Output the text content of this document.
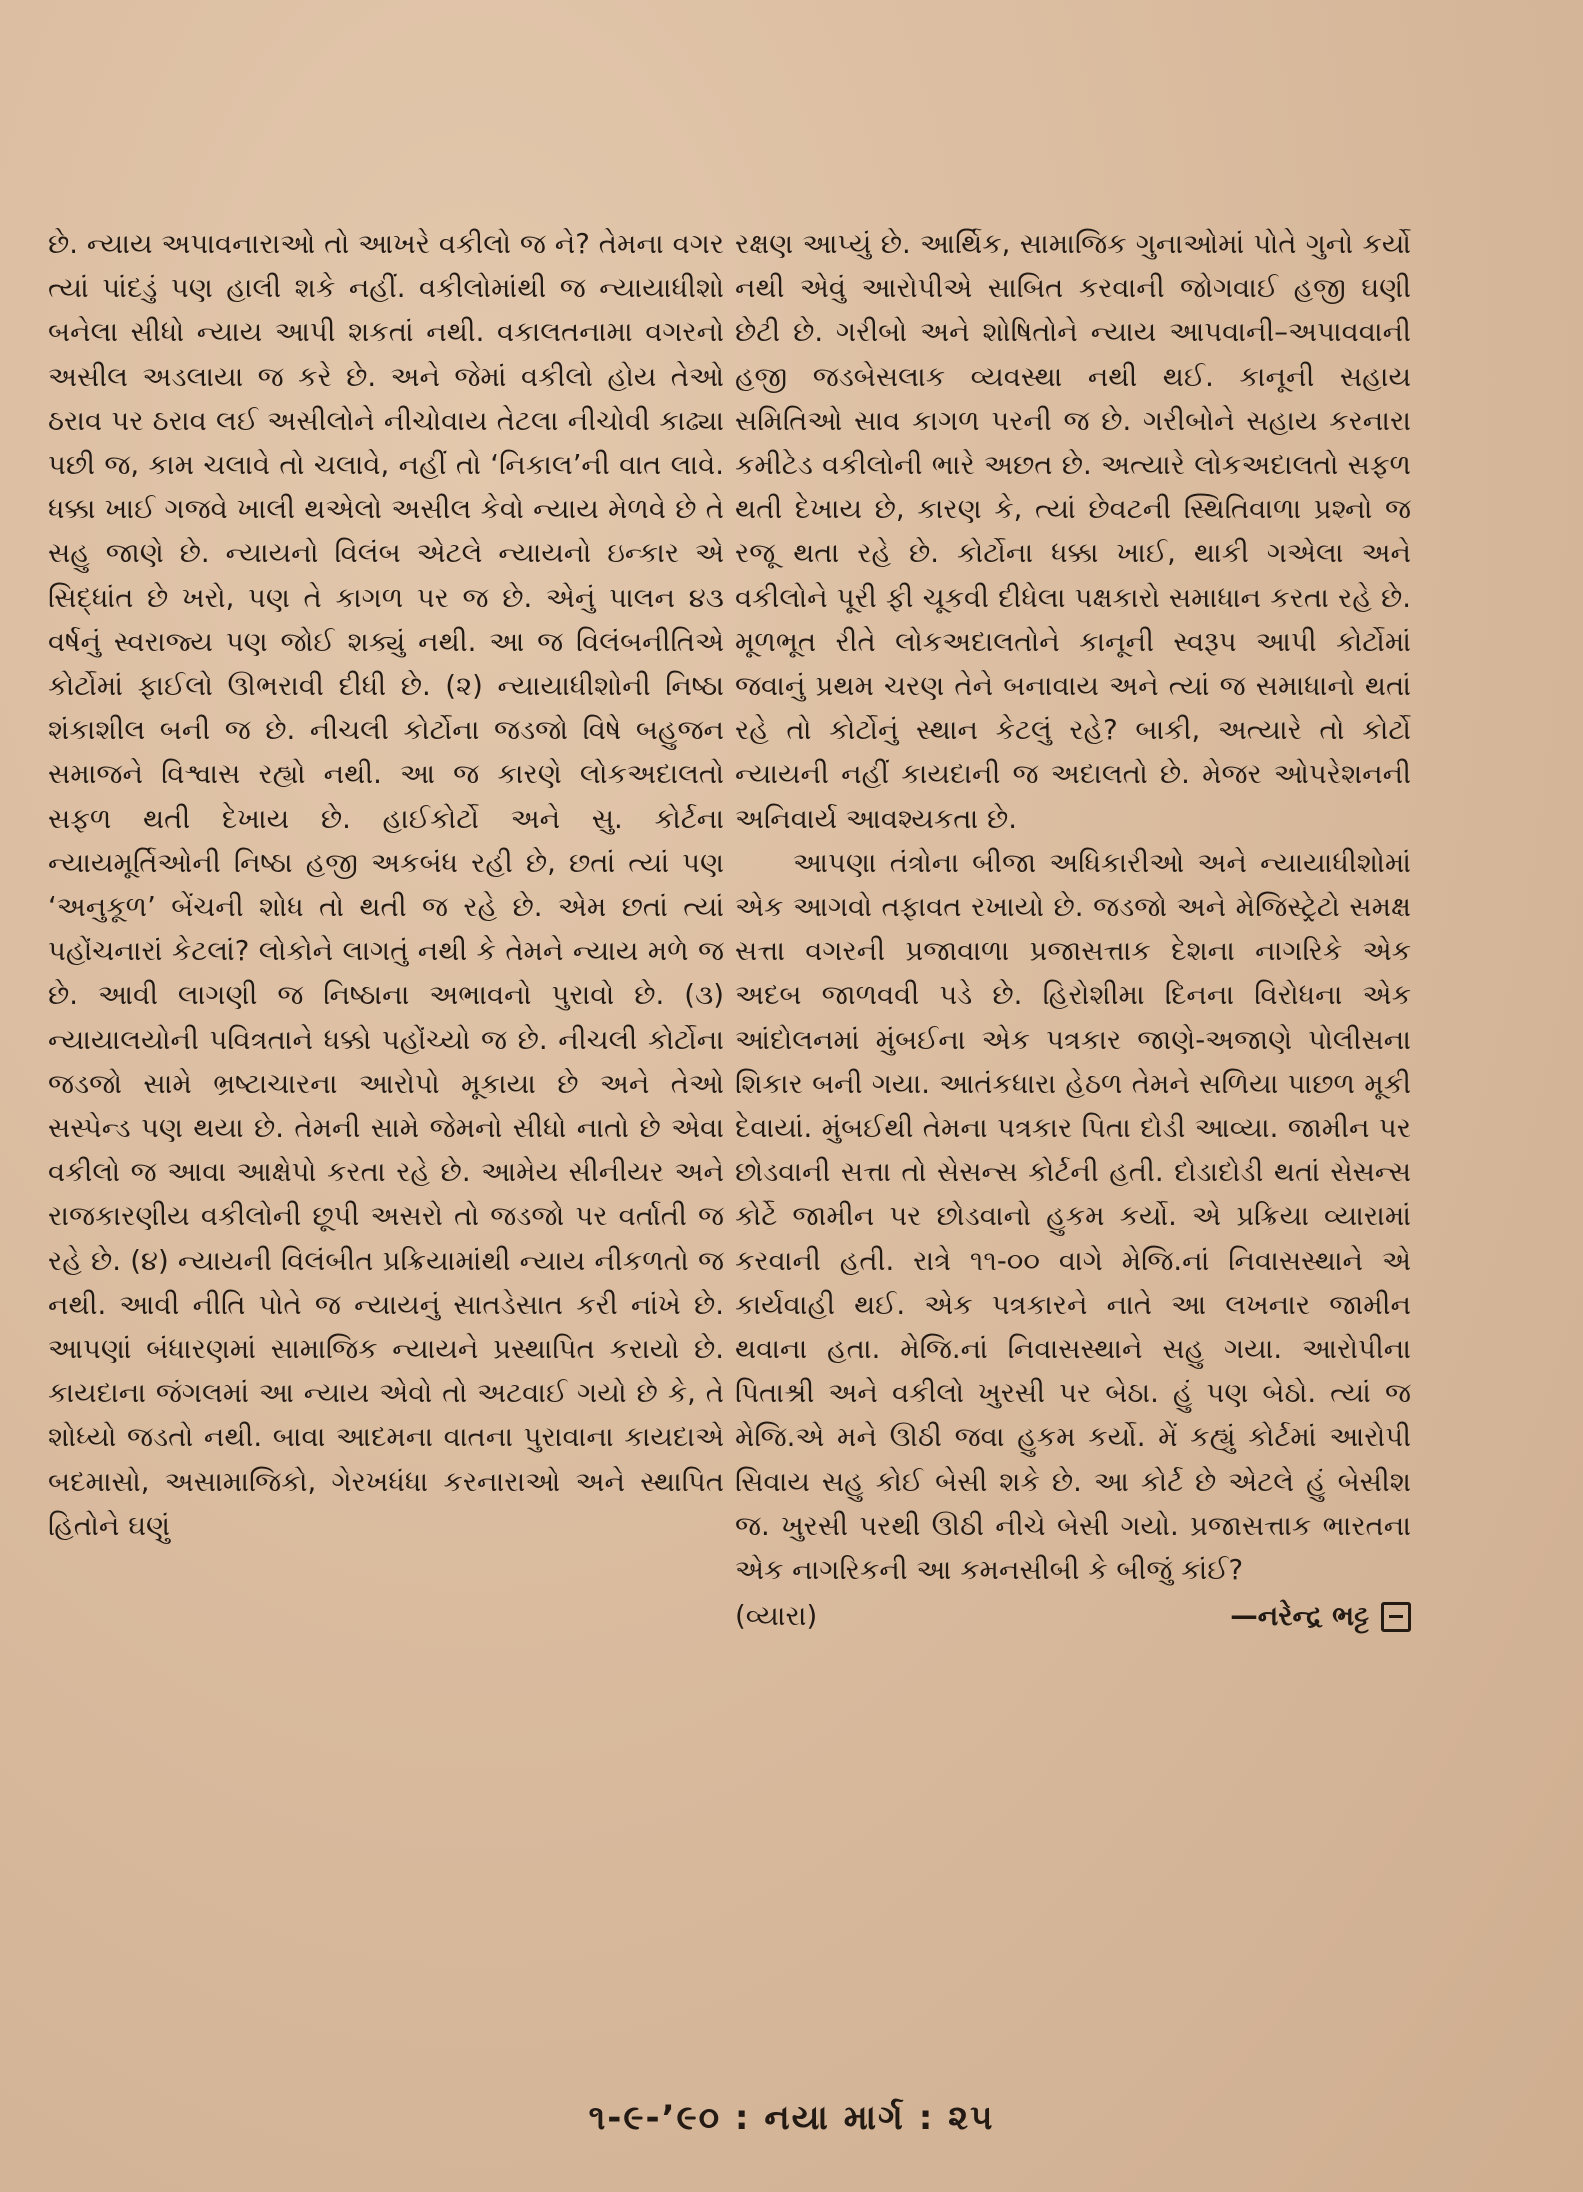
છે. ન્યાય અપાવનારાઓ તો આખરે વકીલો જ ને? તેમના વગર ત્યાં પાંદડું પણ હાલી શકે નહીં. વકીલોમાંથી જ ન્યાયાધીશો બનેલા સીધો ન્યાય આપી શકતાં નથી. વકાલતનામા વગરનો અસીલ અડલાયા જ કરે છે. અને જેમાં વકીલો હોય તેઓ ઠરાવ પર ઠરાવ લઈ અસીલોને નીચોવાય તેટલા નીચોવી કાઢ્યા પછી જ, કામ ચલાવે તો ચલાવે, નહીં તો ‘નિકાલ’ની વાત લાવે. ધક્કા ખાઈ ગજવે ખાલી થએલો અસીલ કેવો ન્યાય મેળવે છે તે સહુ જાણે છે. ન્યાયનો વિલંબ એટલે ન્યાયનો ઇન્કાર એ સિદ્ધાંત છે ખરો, પણ તે કાગળ પર જ છે. એનું પાલન ૪૩ વર્ષનું સ્વરાજ્ય પણ જોઈ શક્યું નથી. આ જ વિલંબનીતિએ કોર્ટોમાં ફાઈલો ઊભરાવી દીધી છે. (૨) ન્યાયાધીશોની નિષ્ઠા શંકાશીલ બની જ છે. નીચલી કોર્ટોના જડજો વિષે બહુજન સમાજને વિશ્વાસ રહ્યો નથી. આ જ કારણે લોકઅદાલતો સફળ થતી દેખાય છે. હાઈકોર્ટો અને સુ. કોર્ટના ન્યાયમૂર્તિઓની નિષ્ઠા હજી અકબંધ રહી છે, છતાં ત્યાં પણ ‘અનુકૂળ’ બેંચની શોધ તો થતી જ રહે છે. એમ છતાં ત્યાં પહોંચનારાં કેટલાં? લોકોને લાગતું નથી કે તેમને ન્યાય મળે જ છે. આવી લાગણી જ નિષ્ઠાના અભાવનો પુરાવો છે. (૩) ન્યાયાલયોની પવિત્રતાને ધક્કો પહોંચ્યો જ છે. નીચલી કોર્ટોના જડજો સામે ભ્રષ્ટાચારના આરોપો મૂકાયા છે અને તેઓ સસ્પેન્ડ પણ થયા છે. તેમની સામે જેમનો સીધો નાતો છે એવા વકીલો જ આવા આક્ષેપો કરતા રહે છે. આમેય સીનીયર અને રાજકારણીય વકીલોની છૂપી અસરો તો જડજો પર વર્તાતી જ રહે છે. (૪) ન્યાયની વિલંબીત પ્રક્રિયામાંથી ન્યાય નીકળતો જ નથી. આવી નીતિ પોતે જ ન્યાયનું સાતડેસાત કરી નાંખે છે. આપણાં બંધારણમાં સામાજિક ન્યાયને પ્રસ્થાપિત કરાયો છે. કાયદાના જંગલમાં આ ન્યાય એવો તો અટવાઈ ગયો છે કે, તે શોધ્યો જડતો નથી. બાવા આદમના વાતના પુરાવાના કાયદાએ બદમાસો, અસામાજિકો, ગેરખધંધા કરનારાઓ અને સ્થાપિત હિતોને ઘણું

રક્ષણ આપ્યું છે. આર્થિક, સામાજિક ગુનાઓમાં પોતે ગુનો કર્યો નથી એવું આરોપીએ સાબિત કરવાની જોગવાઈ હજી ઘણી છેટી છે. ગરીબો અને શોષિતોને ન્યાય આપવાની–અપાવવાની હજી જડબેસલાક વ્યવસ્થા નથી થઈ. કાનૂની સહાય સમિતિઓ સાવ કાગળ પરની જ છે. ગરીબોને સહાય કરનારા કમીટેડ વકીલોની ભારે અછત છે. અત્યારે લોકઅદાલતો સફળ થતી દેખાય છે, કારણ કે, ત્યાં છેવટની સ્થિતિવાળા પ્રશ્નો જ રજૂ થતા રહે છે. કોર્ટોના ધક્કા ખાઈ, થાકી ગએલા અને વકીલોને પૂરી ફી ચૂકવી દીધેલા પક્ષકારો સમાધાન કરતા રહે છે. મૂળભૂત રીતે લોકઅદાલતોને કાનૂની સ્વરૂપ આપી કોર્ટોમાં જવાનું પ્રથમ ચરણ તેને બનાવાય અને ત્યાં જ સમાધાનો થતાં રહે તો કોર્ટોનું સ્થાન કેટલું રહે? બાકી, અત્યારે તો કોર્ટો ન્યાયની નહીં કાયદાની જ અદાલતો છે. મેજર ઓપરેશનની અનિવાર્ય આવશ્યકતા છે.

આપણા તંત્રોના બીજા અધિકારીઓ અને ન્યાયાધીશોમાં એક આગવો તફાવત રખાયો છે. જડજો અને મેજિસ્ટ્રેટો સમક્ષ સત્તા વગરની પ્રજાવાળા પ્રજાસત્તાક દેશના નાગરિકે એક અદબ જાળવવી પડે છે. હિરોશીમા દિનના વિરોધના એક આંદોલનમાં મુંબઈના એક પત્રકાર જાણે-અજાણે પોલીસના શિકાર બની ગયા. આતંકધારા હેઠળ તેમને સળિયા પાછળ મૂકી દેવાયાં. મુંબઈથી તેમના પત્રકાર પિતા દોડી આવ્યા. જામીન પર છોડવાની સત્તા તો સેસન્સ કોર્ટની હતી. દોડાદોડી થતાં સેસન્સ કોર્ટે જામીન પર છોડવાનો હુકમ કર્યો. એ પ્રક્રિયા વ્યારામાં કરવાની હતી. રાત્રે ૧૧-૦૦ વાગે મેજિ.નાં નિવાસસ્થાને એ કાર્યવાહી થઈ. એક પત્રકારને નાતે આ લખનાર જામીન થવાના હતા. મેજિ.નાં નિવાસસ્થાને સહુ ગયા. આરોપીના પિતાશ્રી અને વકીલો ખુરસી પર બેઠા. હું પણ બેઠો. ત્યાં જ મેજિ.એ મને ઊઠી જવા હુકમ કર્યો. મેં કહ્યું કોર્ટમાં આરોપી સિવાય સહુ કોઈ બેસી શકે છે. આ કોર્ટ છે એટલે હું બેસીશ જ. ખુરસી પરથી ઊઠી નીચે બેસી ગયો. પ્રજાસત્તાક ભારતના એક નાગરિકની આ કમનસીબી કે બીજું કાંઈ?

(વ્યારા)	—નરેન્દ્ર ભટ્ટ
૧-૯-’૯૦ : નયા માર્ગ : ૨૫
